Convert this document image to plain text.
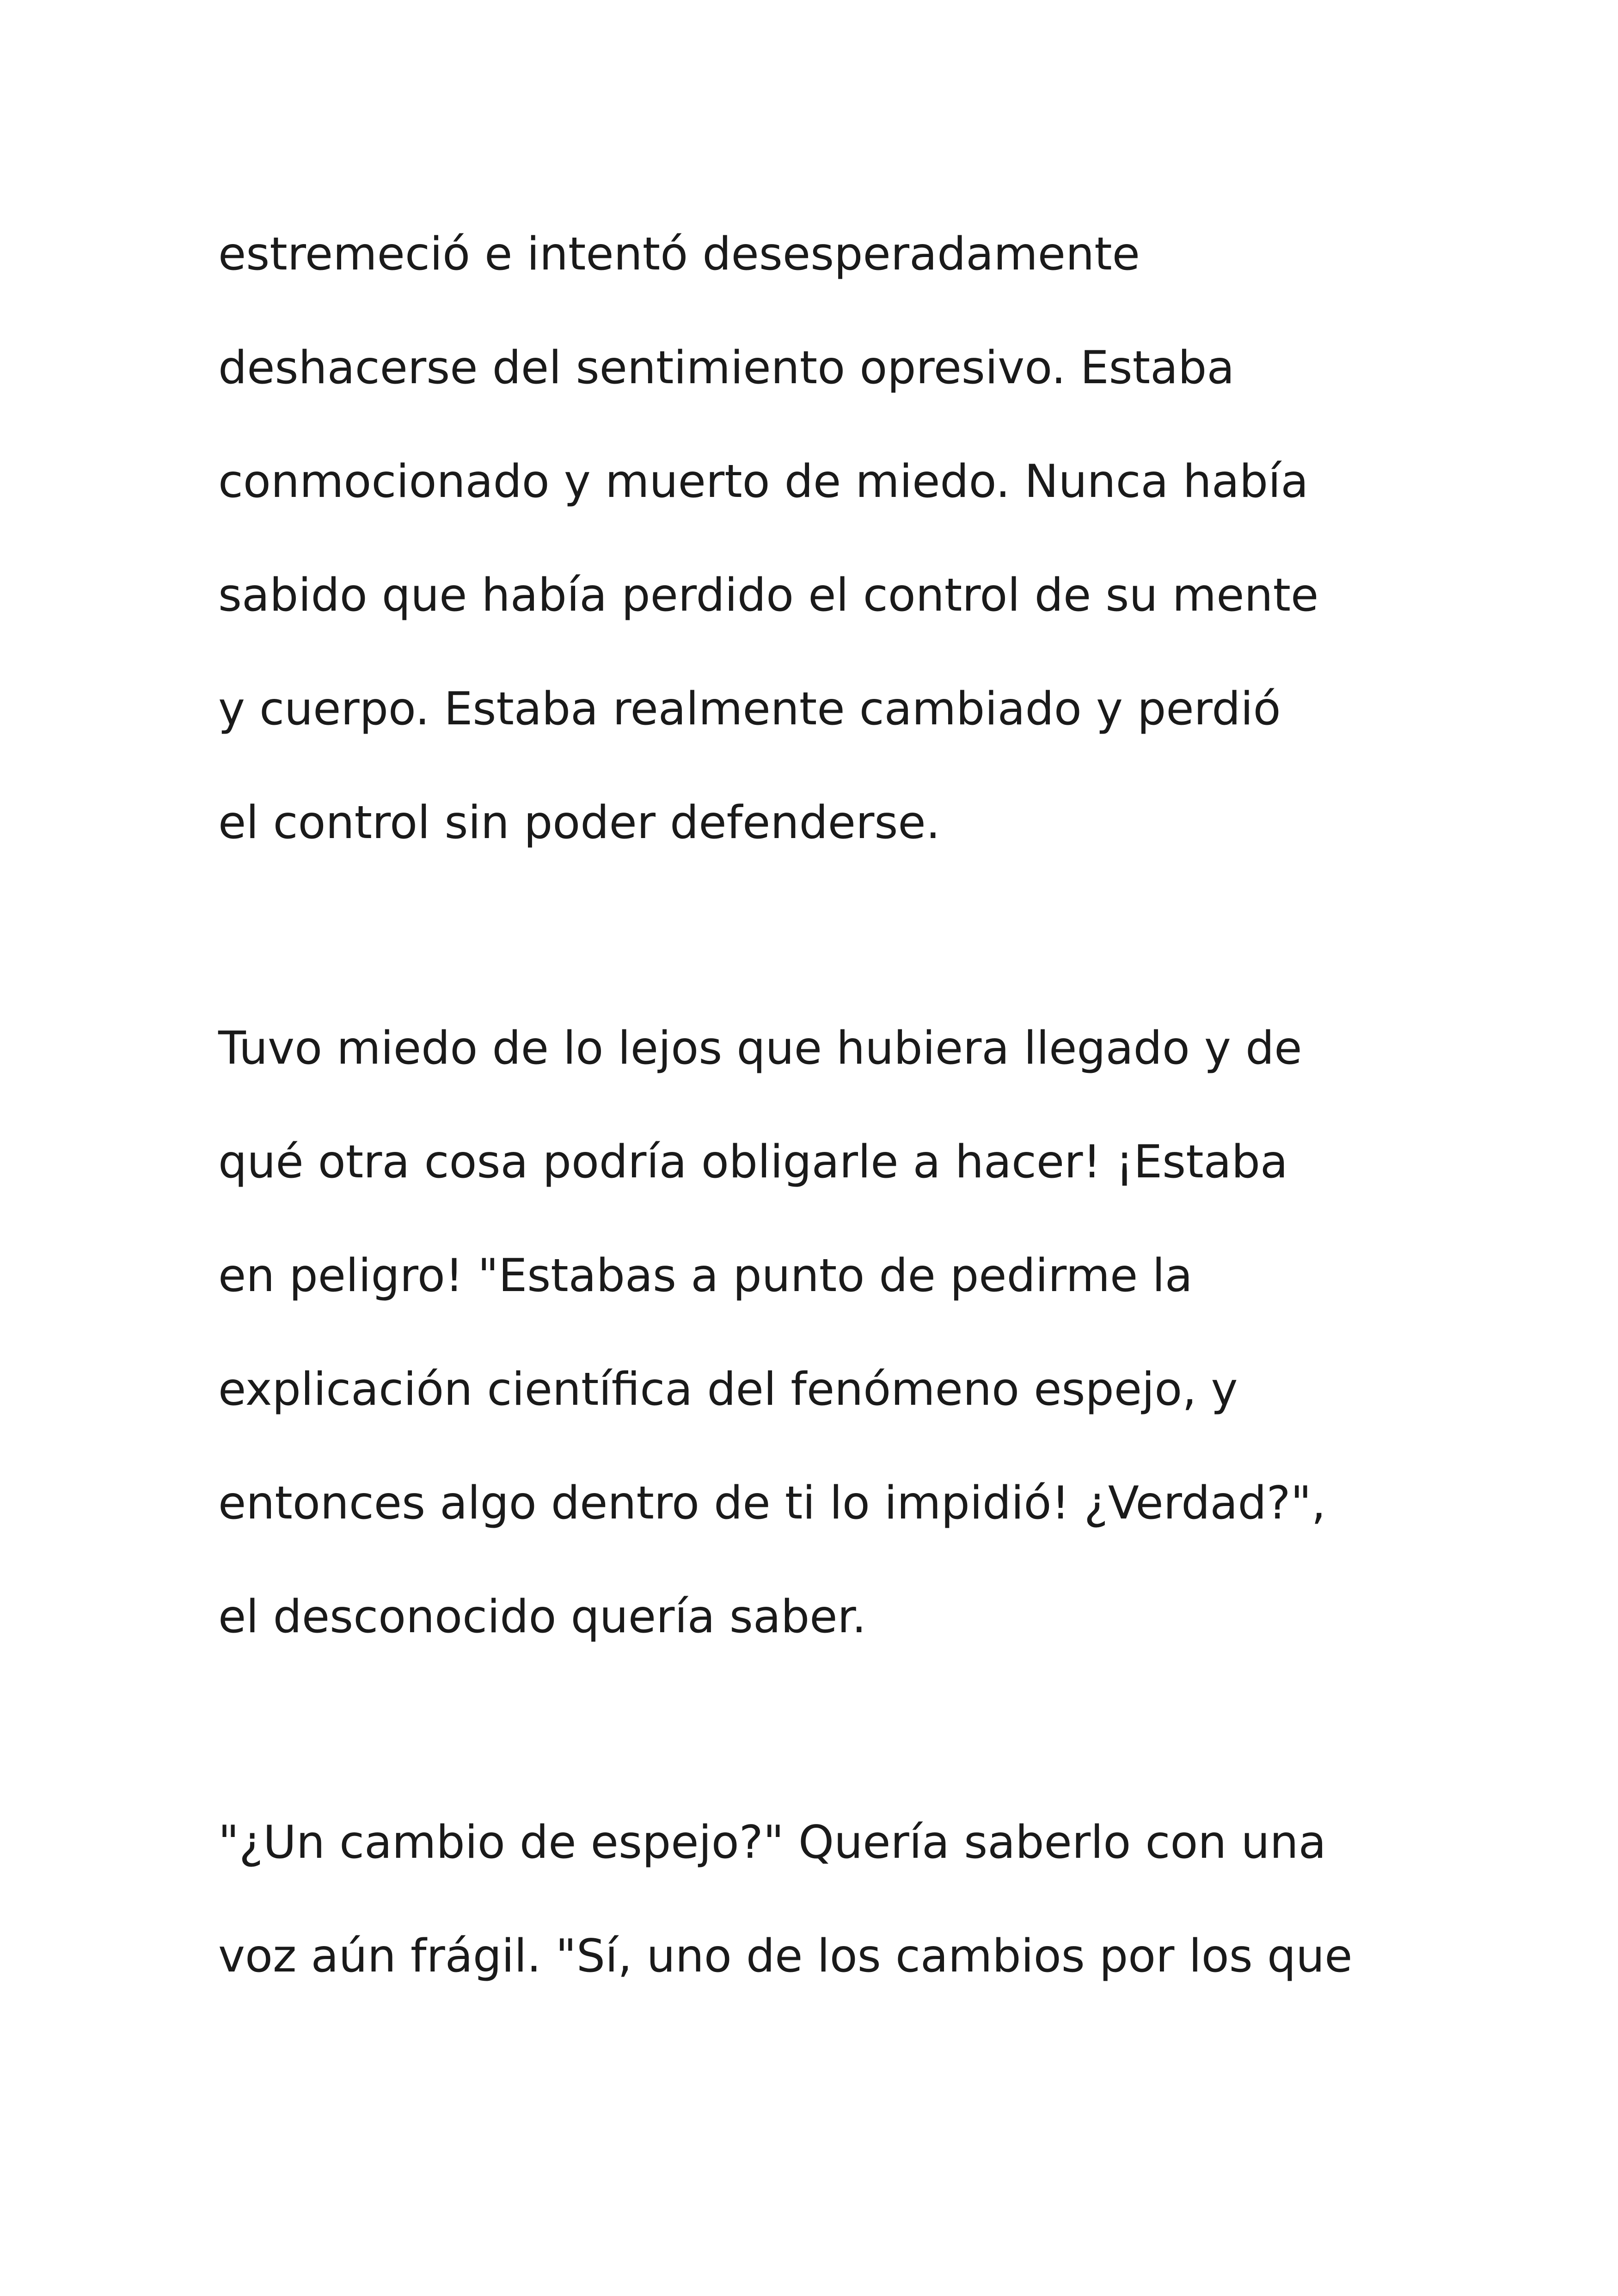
estremeció e intentó desesperadamente
deshacerse del sentimiento opresivo. Estaba
conmocionado y muerto de miedo. Nunca había
sabido que había perdido el control de su mente
y cuerpo. Estaba realmente cambiado y perdió
el control sin poder defenderse.
Tuvo miedo de lo lejos que hubiera llegado y de
qué otra cosa podría obligarle a hacer! ¡Estaba
en peligro! "Estabas a punto de pedirme la
explicación científica del fenómeno espejo, y
entonces algo dentro de ti lo impidió! ¿Verdad?",
el desconocido quería saber.
"¿Un cambio de espejo?" Quería saberlo con una
voz aún frágil. "Sí, uno de los cambios por los que
